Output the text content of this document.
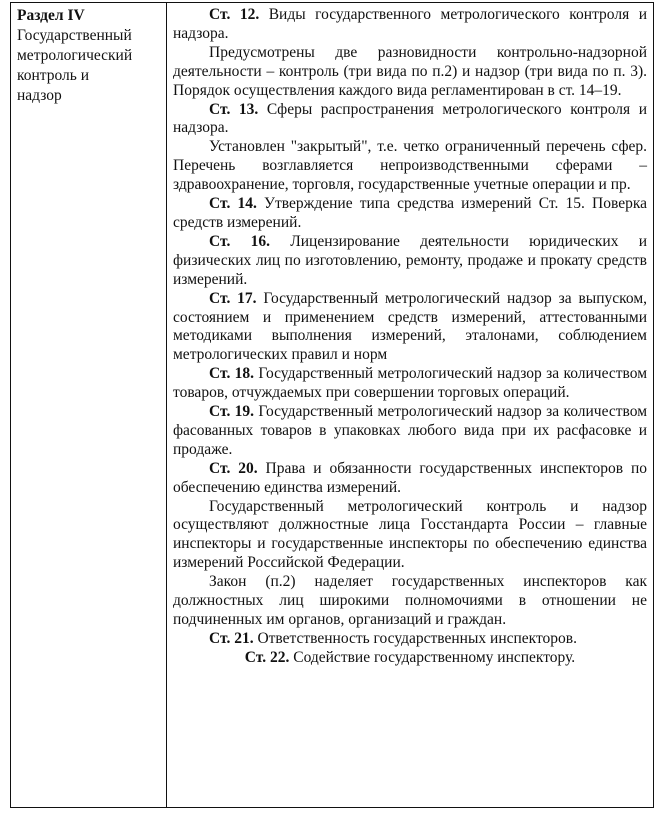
Раздел IV
Государственный
метрологический
контроль и
надзор

Ст. 12. Виды государственного метрологического контроля и надзора.

Предусмотрены две разновидности контрольно-надзорной деятельности – контроль (три вида по п.2) и надзор (три вида по п. 3). Порядок осуществления каждого вида регламентирован в ст. 14–19.

Ст. 13. Сферы распространения метрологического контроля и надзора.

Установлен "закрытый", т.е. четко ограниченный перечень сфер. Перечень возглавляется непроизводственными сферами – здравоохранение, торговля, государственные учетные операции и пр.

Ст. 14. Утверждение типа средства измерений Ст. 15. Поверка средств измерений.

Ст. 16. Лицензирование деятельности юридических и физических лиц по изготовлению, ремонту, продаже и прокату средств измерений.

Ст. 17. Государственный метрологический надзор за выпуском, состоянием и применением средств измерений, аттестованными методиками выполнения измерений, эталонами, соблюдением метрологических правил и норм

Ст. 18. Государственный метрологический надзор за количеством товаров, отчуждаемых при совершении торговых операций.

Ст. 19. Государственный метрологический надзор за количеством фасованных товаров в упаковках любого вида при их расфасовке и продаже.

Ст. 20. Права и обязанности государственных инспекторов по обеспечению единства измерений.

Государственный метрологический контроль и надзор осуществляют должностные лица Госстандарта России – главные инспекторы и государственные инспекторы по обеспечению единства измерений Российской Федерации.

Закон (п.2) наделяет государственных инспекторов как должностных лиц широкими полномочиями в отношении не подчиненных им органов, организаций и граждан.

Ст. 21. Ответственность государственных инспекторов.

Ст. 22. Содействие государственному инспектору.
